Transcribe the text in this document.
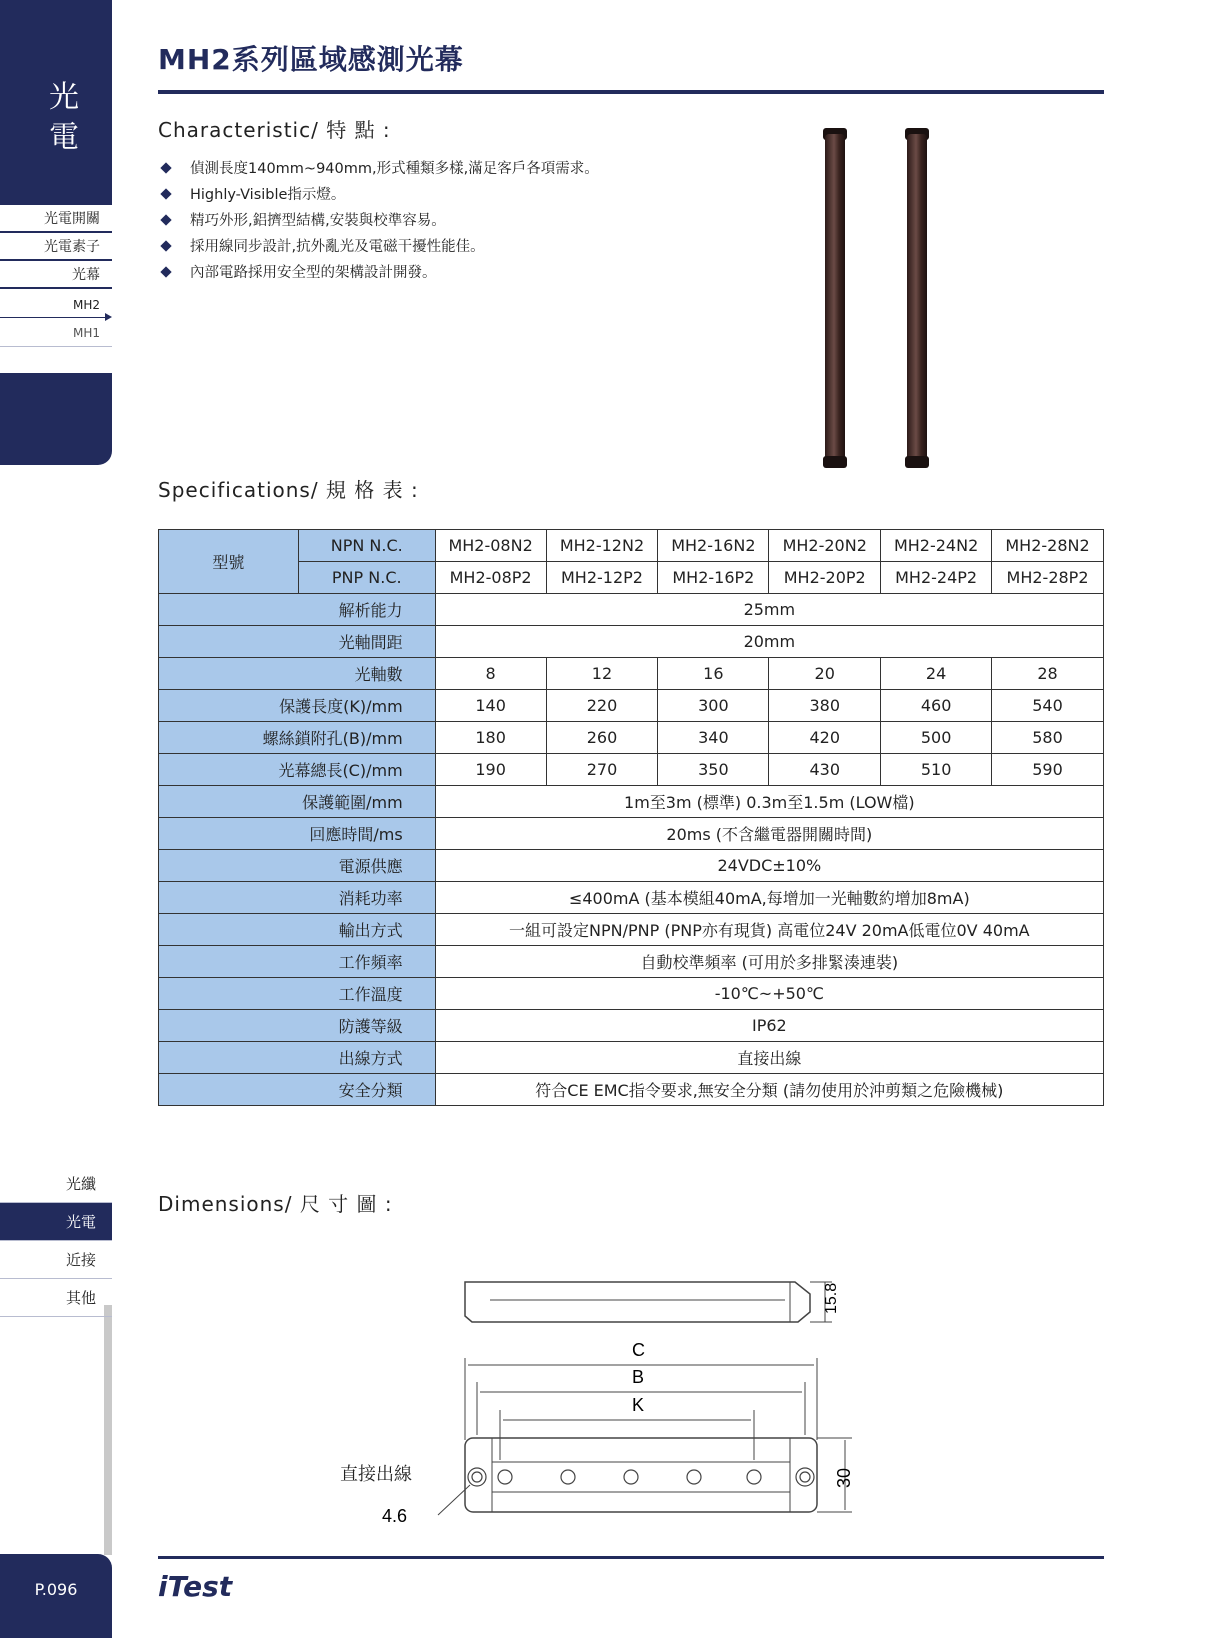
光電
光電開關
光電素子
光幕
MH2
MH1
光纖
光電
近接
其他
P.096
MH2系列區域感測光幕
Characteristic/ 特 點 :
偵測長度140mm~940mm,形式種類多樣,滿足客戶各項需求。
Highly-Visible指示燈。
精巧外形,鋁擠型結構,安裝與校準容易。
採用線同步設計,抗外亂光及電磁干擾性能佳。
內部電路採用安全型的架構設計開發。
Specifications/ 規 格 表 :
型號	NPN N.C.	MH2-08N2	MH2-12N2	MH2-16N2	MH2-20N2	MH2-24N2	MH2-28N2
	PNP N.C.	MH2-08P2	MH2-12P2	MH2-16P2	MH2-20P2	MH2-24P2	MH2-28P2
解析能力		25mm					
光軸間距		20mm					
光軸數		8	12	16	20	24	28
保護長度(K)/mm		140	220	300	380	460	540
螺絲鎖附孔(B)/mm		180	260	340	420	500	580
光幕總長(C)/mm		190	270	350	430	510	590
保護範圍/mm		1m至3m (標準) 0.3m至1.5m (LOW檔)					
回應時間/ms		20ms (不含繼電器開關時間)					
電源供應		24VDC±10%					
消耗功率		≤400mA (基本模組40mA,每增加一光軸數約增加8mA)					
輸出方式		一組可設定NPN/PNP (PNP亦有現貨) 高電位24V 20mA低電位0V 40mA					
工作頻率		自動校準頻率 (可用於多排緊湊連裝)					
工作溫度		-10℃~+50℃					
防護等級		IP62					
出線方式		直接出線					
安全分類		符合CE EMC指令要求,無安全分類 (請勿使用於沖剪類之危險機械)					
Dimensions/ 尺 寸 圖 :
15.8
C
B
K
30
4.6
直接出線
iTest
